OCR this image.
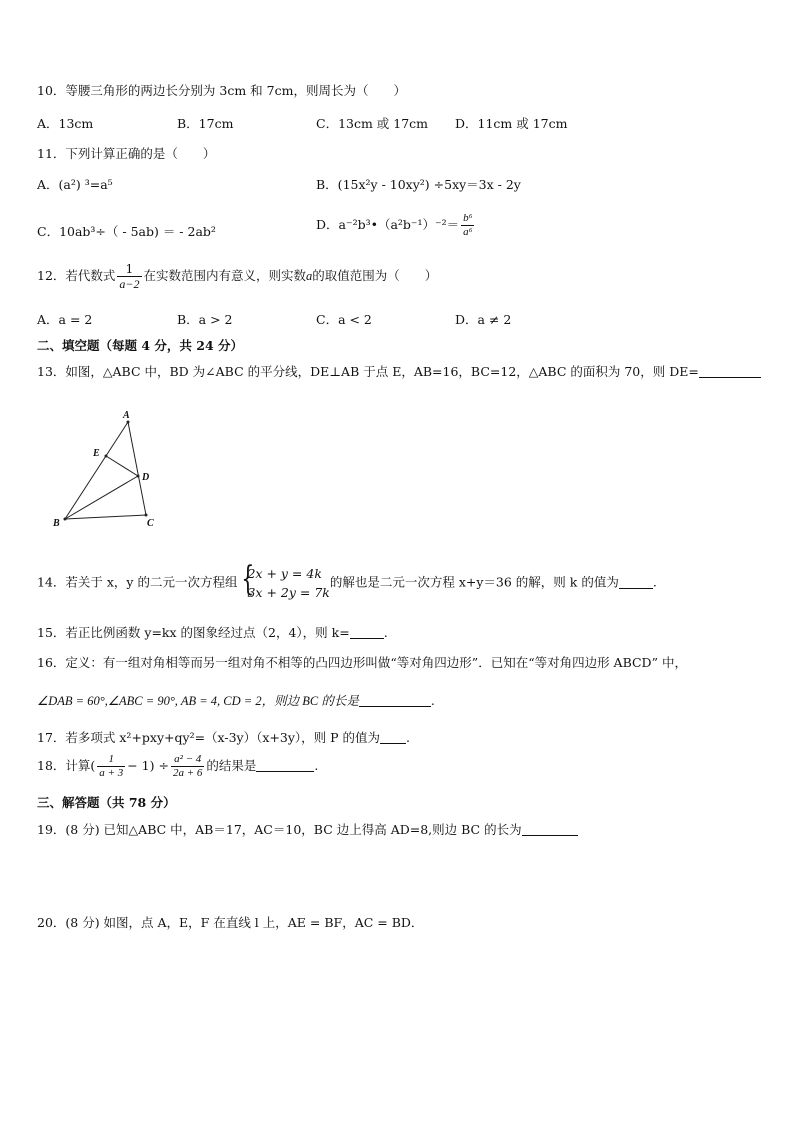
10．等腰三角形的两边长分别为 3cm 和 7cm，则周长为（　　）
A．13cm	B．17cm	C．13cm 或 17cm D．11cm 或 17cm
11．下列计算正确的是（　　）
A．(a²) ³=a⁵	B．(15x²y - 10xy²) ÷5xy＝3x - 2y
C．10ab³÷（ - 5ab) ＝ - 2ab²	D．a⁻²b³•（a²b⁻¹）⁻²＝ $\frac{\text{b⁶}}{\text{a⁶}}$
12．若代数式 $\frac{1}{a-2}$ 在实数范围内有意义，则实数a的取值范围为（　　）
A．a = 2	B．a > 2	C．a < 2	D．a ≠ 2
二、填空题（每题 4 分，共 24 分）
13．如图，△ABC 中，BD 为∠ABC 的平分线，DE⊥AB 于点 E，AB=16，BC=12，△ABC 的面积为 70，则 DE=
A
E
D
B	C
14．若关于 x，y 的二元一次方程组 {
2x + y = 4k
3x + 2y = 7k
的解也是二元一次方程 x+y＝36 的解，则 k 的值为	.
15．若正比例函数 y=kx 的图象经过点（2，4），则 k=	.
16．定义：有一组对角相等而另一组对角不相等的凸四边形叫做“等对角四边形”．已知在“等对角四边形 ABCD” 中，
∠DAB = 60°,∠ABC = 90°, AB = 4, CD = 2，则边 BC 的长是	.
17．若多项式 x²+pxy+qy²=（x-3y）（x+3y），则 P 的值为 .
18．计算( $\frac{1}{a + 3} - 1) \div \frac{\text{a² − 4}}{2a + 6}$ 的结果是	.
三、解答题（共 78 分）
19．(8 分) 已知△ABC 中，AB＝17，AC＝10，BC 边上得高 AD=8,则边 BC 的长为
20．(8 分) 如图，点 A，E，F 在直线 l 上，AE = BF，AC = BD．
